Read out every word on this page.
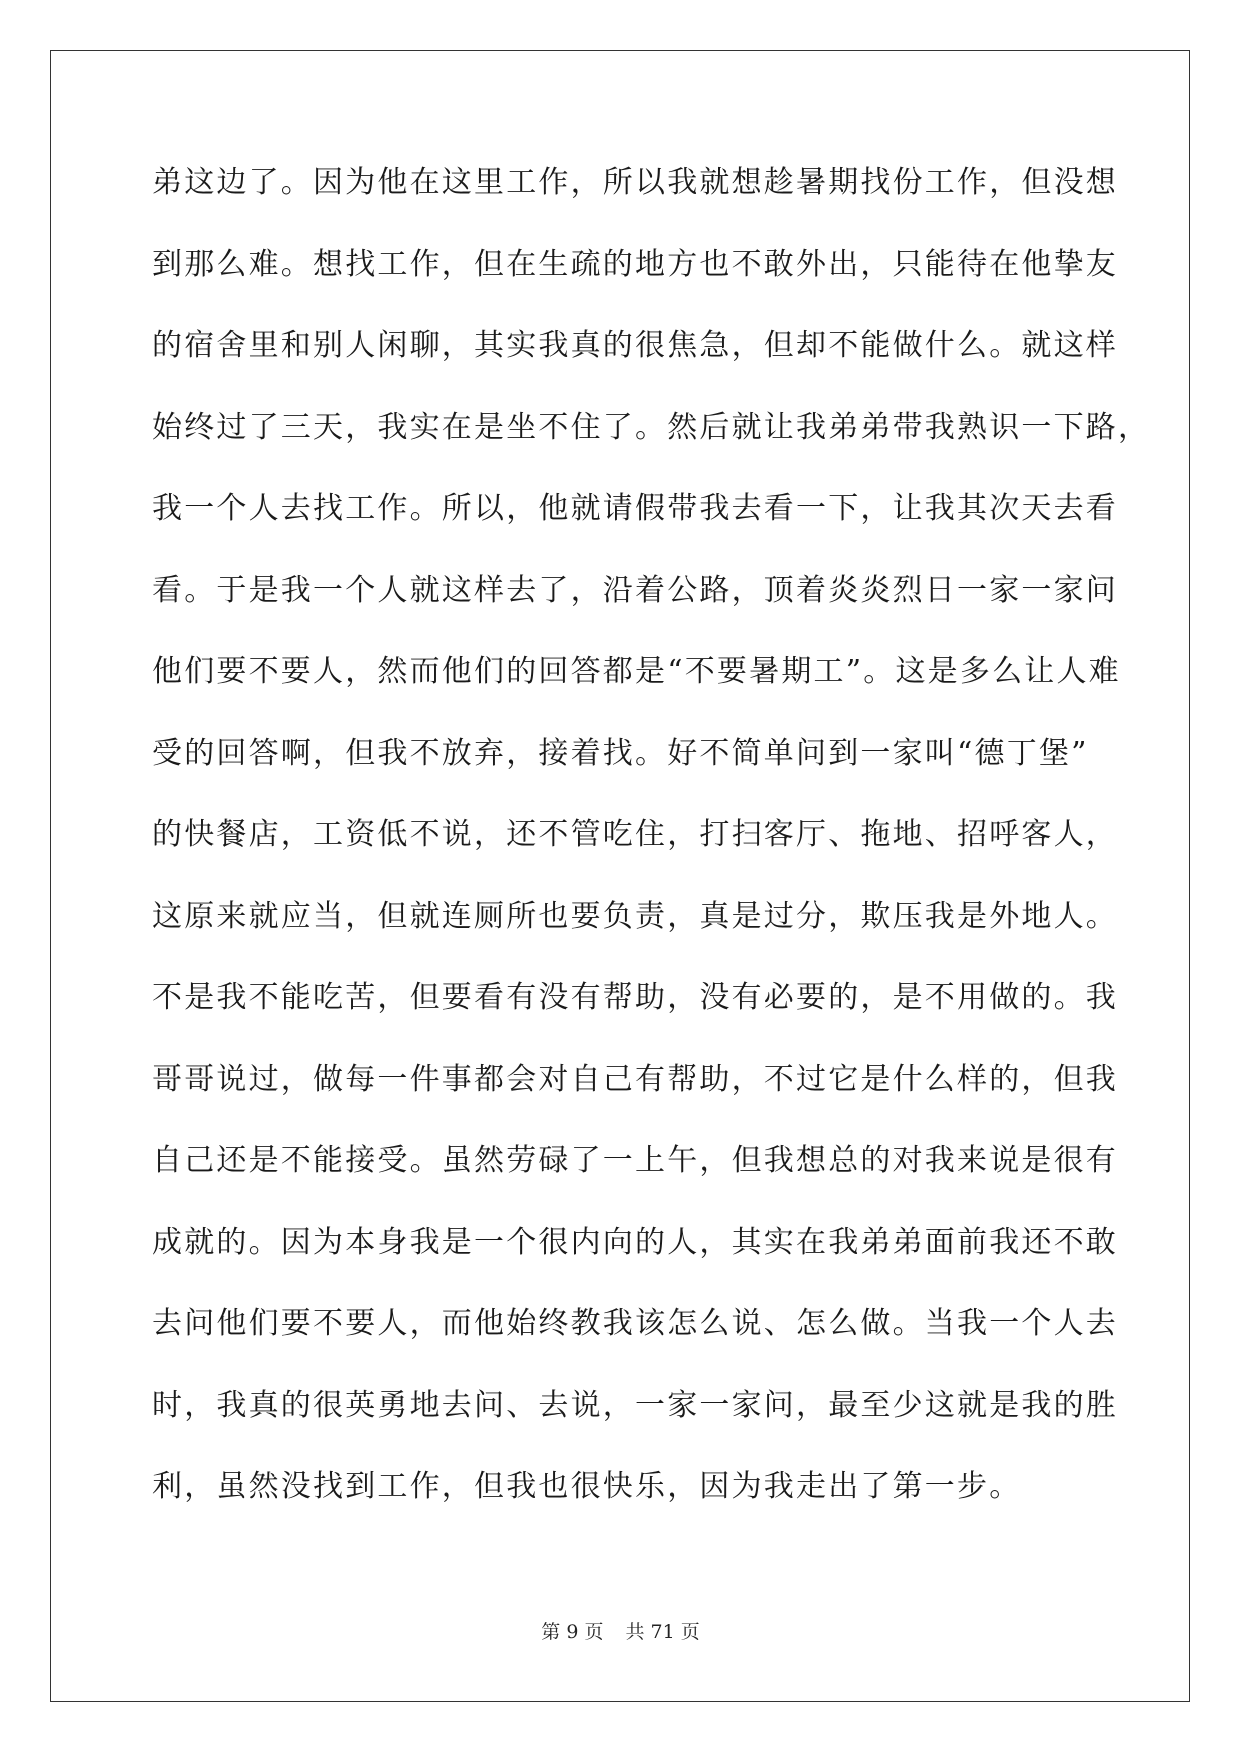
弟这边了。因为他在这里工作，所以我就想趁暑期找份工作，但没想
到那么难。想找工作，但在生疏的地方也不敢外出，只能待在他挚友
的宿舍里和别人闲聊，其实我真的很焦急，但却不能做什么。就这样
始终过了三天，我实在是坐不住了。然后就让我弟弟带我熟识一下路，
我一个人去找工作。所以，他就请假带我去看一下，让我其次天去看
看。于是我一个人就这样去了，沿着公路，顶着炎炎烈日一家一家问
他们要不要人，然而他们的回答都是“不要暑期工”。这是多么让人难
受的回答啊，但我不放弃，接着找。好不简单问到一家叫“德丁堡”
的快餐店，工资低不说，还不管吃住，打扫客厅、拖地、招呼客人，
这原来就应当，但就连厕所也要负责，真是过分，欺压我是外地人。
不是我不能吃苦，但要看有没有帮助，没有必要的，是不用做的。我
哥哥说过，做每一件事都会对自己有帮助，不过它是什么样的，但我
自己还是不能接受。虽然劳碌了一上午，但我想总的对我来说是很有
成就的。因为本身我是一个很内向的人，其实在我弟弟面前我还不敢
去问他们要不要人，而他始终教我该怎么说、怎么做。当我一个人去
时，我真的很英勇地去问、去说，一家一家问，最至少这就是我的胜
利，虽然没找到工作，但我也很快乐，因为我走出了第一步。
第 9 页 共 71 页
